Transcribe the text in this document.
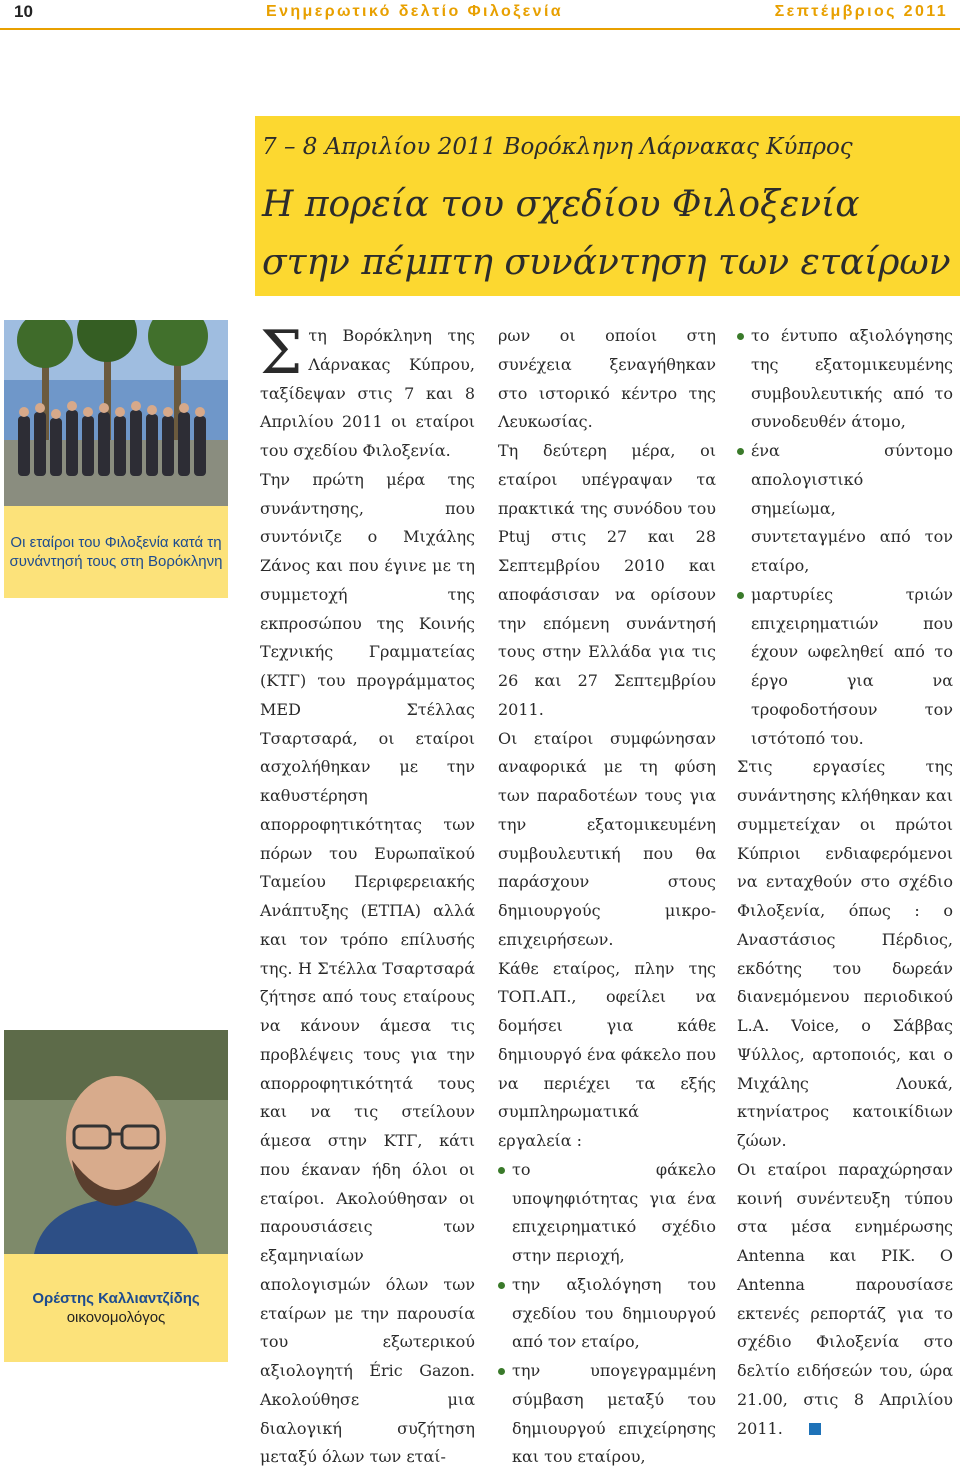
10	Ενημερωτικό δελτίο Φιλοξενία	Σεπτέμβριος 2011
7 – 8 Απριλίου 2011 Βορόκληνη Λάρνακας Κύπρος
Η πορεία του σχεδίου Φιλοξενία στην πέμπτη συνάντηση των εταίρων
Οι εταίροι του Φιλοξενία κατά τη συνάντησή τους στη Βορόκληνη
Ορέστης Καλλιαντζίδης
οικονομολόγος
Σ τη Βορόκληνη της Λάρνακας Κύπρου, ταξίδεψαν στις 7 και 8 Απριλίου 2011 οι εταίροι του σχεδίου Φιλοξενία.

Την πρώτη μέρα της συνάντησης, που συντόνιζε ο Μιχάλης Ζάνος και που έγινε με τη συμμετοχή της εκπροσώπου της Κοινής Τεχνικής Γραμματείας (ΚΤΓ) του προγράμματος MED Στέλλας Τσαρτσαρά, οι εταίροι ασχολήθηκαν με την καθυστέρηση απορροφητικότητας των πόρων του Ευρωπαϊκού Ταμείου Περιφερειακής Ανάπτυξης (ΕΤΠΑ) αλλά και τον τρόπο επίλυσής της. Η Στέλλα Τσαρτσαρά ζήτησε από τους εταίρους να κάνουν άμεσα τις προβλέψεις τους για την απορροφητικότητά τους και να τις στείλουν άμεσα στην ΚΤΓ, κάτι που έκαναν ήδη όλοι οι εταίροι. Ακολούθησαν οι παρουσιάσεις των εξαμηνιαίων απολογισμών όλων των εταίρων με την παρουσία του εξωτερικού αξιολογητή Éric Gazon. Ακολούθησε μια διαλογική συζήτηση μεταξύ όλων των εταί-

ρων οι οποίοι στη συνέχεια ξεναγήθηκαν στο ιστορικό κέντρο της Λευκωσίας.

Τη δεύτερη μέρα, οι εταίροι υπέγραψαν τα πρακτικά της συνόδου του Ptuj στις 27 και 28 Σεπτεμβρίου 2010 και αποφάσισαν να ορίσουν την επόμενη συνάντησή τους στην Ελλάδα για τις 26 και 27 Σεπτεμβρίου 2011.

Οι εταίροι συμφώνησαν αναφορικά με τη φύση των παραδοτέων τους για την εξατομικευμένη συμβουλευτική που θα παράσχουν στους δημιουργούς μικρο-επιχειρήσεων.

Κάθε εταίρος, πλην της ΤΟΠ.ΑΠ., οφείλει να δομήσει για κάθε δημιουργό ένα φάκελο που να περιέχει τα εξής συμπληρωματικά εργαλεία :

το φάκελο υποψηφιότητας για ένα επιχειρηματικό σχέδιο στην περιοχή,
την αξιολόγηση του σχεδίου του δημιουργού από τον εταίρο,
την υπογεγραμμένη σύμβαση μεταξύ του δημιουργού επιχείρησης και του εταίρου,
το έντυπο αξιολόγησης της εξατομικευμένης συμβουλευτικής από το συνοδευθέν άτομο,
ένα σύντομο απολογιστικό σημείωμα, συντεταγμένο από τον εταίρο,
μαρτυρίες τριών επιχειρηματιών που έχουν ωφεληθεί από το έργο για να τροφοδοτήσουν τον ιστότοπό του.

Στις εργασίες της συνάντησης κλήθηκαν και συμμετείχαν οι πρώτοι Κύπριοι ενδιαφερόμενοι να ενταχθούν στο σχέδιο Φιλοξενία, όπως : ο Αναστάσιος Πέρδιος, εκδότης του δωρεάν διανεμόμενου περιοδικού L.A. Voice, ο Σάββας Ψύλλος, αρτοποιός, και ο Μιχάλης Λουκά, κτηνίατρος κατοικίδιων ζώων.

Οι εταίροι παραχώρησαν κοινή συνέντευξη τύπου στα μέσα ενημέρωσης Antenna και ΡΙΚ. Ο Antenna παρουσίασε εκτενές ρεπορτάζ για το σχέδιο Φιλοξενία στο δελτίο ειδήσεών του, ώρα 21.00, στις 8 Απριλίου 2011.
